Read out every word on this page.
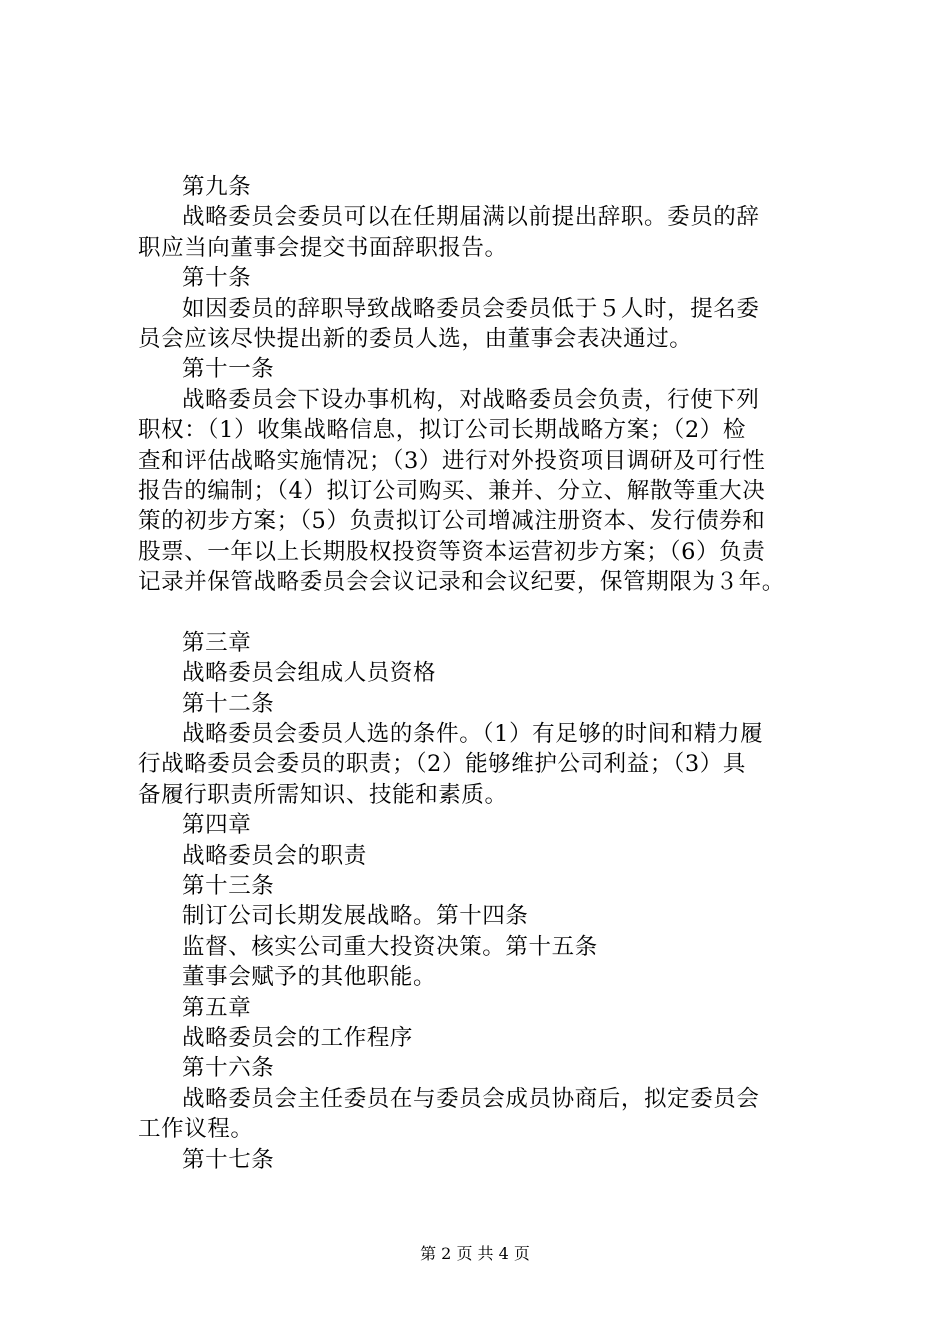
第九条
战略委员会委员可以在任期届满以前提出辞职。委员的辞
职应当向董事会提交书面辞职报告。
第十条
如因委员的辞职导致战略委员会委员低于５人时，提名委
员会应该尽快提出新的委员人选，由董事会表决通过。
第十一条
战略委员会下设办事机构，对战略委员会负责，行使下列
职权：（1）收集战略信息，拟订公司长期战略方案；（2）检
查和评估战略实施情况；（3）进行对外投资项目调研及可行性
报告的编制；（4）拟订公司购买、兼并、分立、解散等重大决
策的初步方案；（5）负责拟订公司增减注册资本、发行债券和
股票、一年以上长期股权投资等资本运营初步方案；（6）负责
记录并保管战略委员会会议记录和会议纪要，保管期限为３年。
第三章
战略委员会组成人员资格
第十二条
战略委员会委员人选的条件。（1）有足够的时间和精力履
行战略委员会委员的职责；（2）能够维护公司利益；（3）具
备履行职责所需知识、技能和素质。
第四章
战略委员会的职责
第十三条
制订公司长期发展战略。第十四条
监督、核实公司重大投资决策。第十五条
董事会赋予的其他职能。
第五章
战略委员会的工作程序
第十六条
战略委员会主任委员在与委员会成员协商后，拟定委员会
工作议程。
第十七条
第 2 页 共 4 页
